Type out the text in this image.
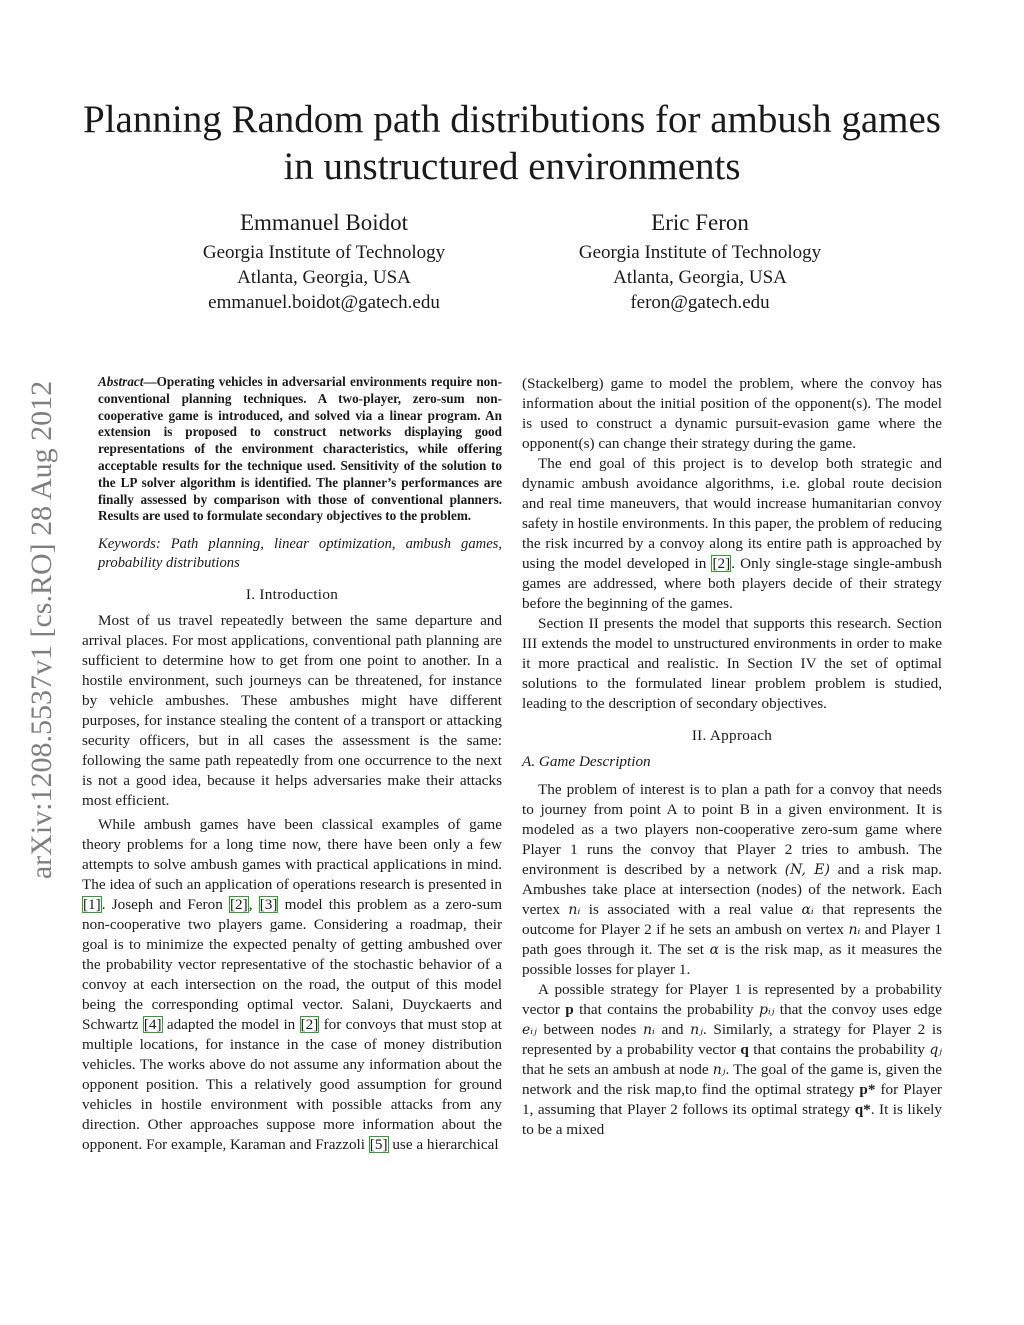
Planning Random path distributions for ambush games in unstructured environments
Emmanuel Boidot
Georgia Institute of Technology
Atlanta, Georgia, USA
emmanuel.boidot@gatech.edu
Eric Feron
Georgia Institute of Technology
Atlanta, Georgia, USA
feron@gatech.edu
arXiv:1208.5537v1 [cs.RO] 28 Aug 2012	Abstract—Operating vehicles in adversarial environments require non-conventional planning techniques. A two-player, zero-sum non-cooperative game is introduced, and solved via a linear program. An extension is proposed to construct networks displaying good representations of the environment characteristics, while offering acceptable results for the technique used. Sensitivity of the solution to the LP solver algorithm is identified. The planner’s performances are finally assessed by comparison with those of conventional planners. Results are used to formulate secondary objectives to the problem.

Keywords: Path planning, linear optimization, ambush games, probability distributions

I. Introduction

Most of us travel repeatedly between the same departure and arrival places. For most applications, conventional path planning are sufficient to determine how to get from one point to another. In a hostile environment, such journeys can be threatened, for instance by vehicle ambushes. These ambushes might have different purposes, for instance stealing the content of a transport or attacking security officers, but in all cases the assessment is the same: following the same path repeatedly from one occurrence to the next is not a good idea, because it helps adversaries make their attacks most efficient.

While ambush games have been classical examples of game theory problems for a long time now, there have been only a few attempts to solve ambush games with practical applications in mind. The idea of such an application of operations research is presented in [1]. Joseph and Feron [2], [3] model this problem as a zero-sum non-cooperative two players game. Considering a roadmap, their goal is to minimize the expected penalty of getting ambushed over the probability vector representative of the stochastic behavior of a convoy at each intersection on the road, the output of this model being the corresponding optimal vector. Salani, Duyckaerts and Schwartz [4] adapted the model in [2] for convoys that must stop at multiple locations, for instance in the case of money distribution vehicles. The works above do not assume any information about the opponent position. This a relatively good assumption for ground vehicles in hostile environment with possible attacks from any direction. Other approaches suppose more information about the opponent. For example, Karaman and Frazzoli [5] use a hierarchical

(Stackelberg) game to model the problem, where the convoy has information about the initial position of the opponent(s). The model is used to construct a dynamic pursuit-evasion game where the opponent(s) can change their strategy during the game.

The end goal of this project is to develop both strategic and dynamic ambush avoidance algorithms, i.e. global route decision and real time maneuvers, that would increase humanitarian convoy safety in hostile environments. In this paper, the problem of reducing the risk incurred by a convoy along its entire path is approached by using the model developed in [2]. Only single-stage single-ambush games are addressed, where both players decide of their strategy before the beginning of the games.

Section II presents the model that supports this research. Section III extends the model to unstructured environments in order to make it more practical and realistic. In Section IV the set of optimal solutions to the formulated linear problem problem is studied, leading to the description of secondary objectives.

II. Approach
A. Game Description

The problem of interest is to plan a path for a convoy that needs to journey from point A to point B in a given environment. It is modeled as a two players non-cooperative zero-sum game where Player 1 runs the convoy that Player 2 tries to ambush. The environment is described by a network (N, E) and a risk map. Ambushes take place at intersection (nodes) of the network. Each vertex nᵢ is associated with a real value αᵢ that represents the outcome for Player 2 if he sets an ambush on vertex nᵢ and Player 1 path goes through it. The set α is the risk map, as it measures the possible losses for player 1.

A possible strategy for Player 1 is represented by a probability vector p that contains the probability pᵢⱼ that the convoy uses edge eᵢⱼ between nodes nᵢ and nⱼ. Similarly, a strategy for Player 2 is represented by a probability vector q that contains the probability qⱼ that he sets an ambush at node nⱼ. The goal of the game is, given the network and the risk map,to find the optimal strategy p* for Player 1, assuming that Player 2 follows its optimal strategy q*. It is likely to be a mixed
